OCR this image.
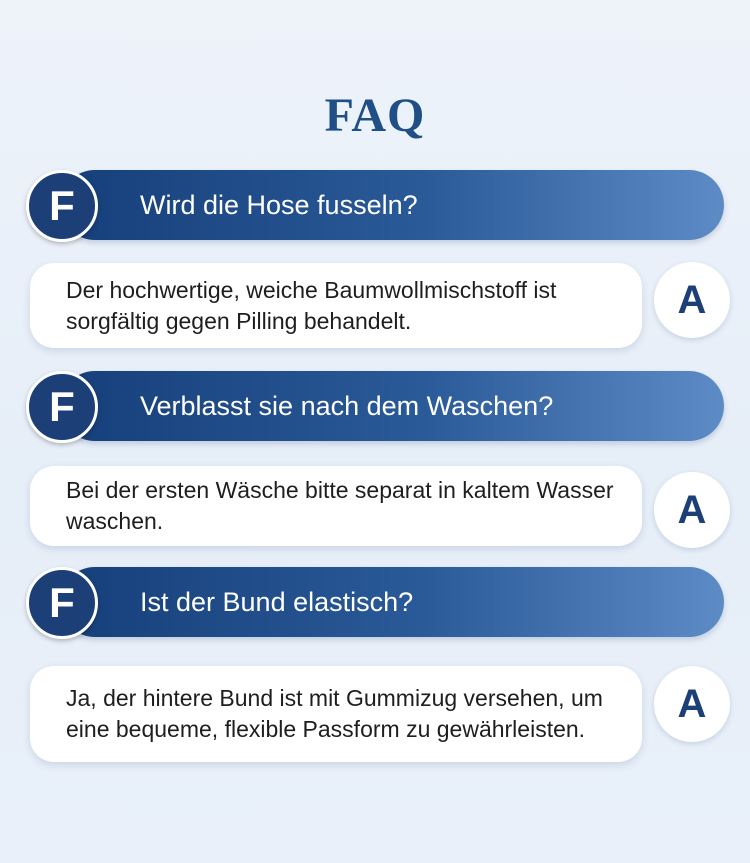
FAQ
Wird die Hose fusseln?
F
Der hochwertige, weiche Baumwollmischstoff ist sorgfältig gegen Pilling behandelt.	A
Verblasst sie nach dem Waschen?
F
Bei der ersten Wäsche bitte separat in kaltem Wasser waschen.	A
Ist der Bund elastisch?
F
Ja, der hintere Bund ist mit Gummizug versehen, um eine bequeme, flexible Passform zu gewährleisten.
A
